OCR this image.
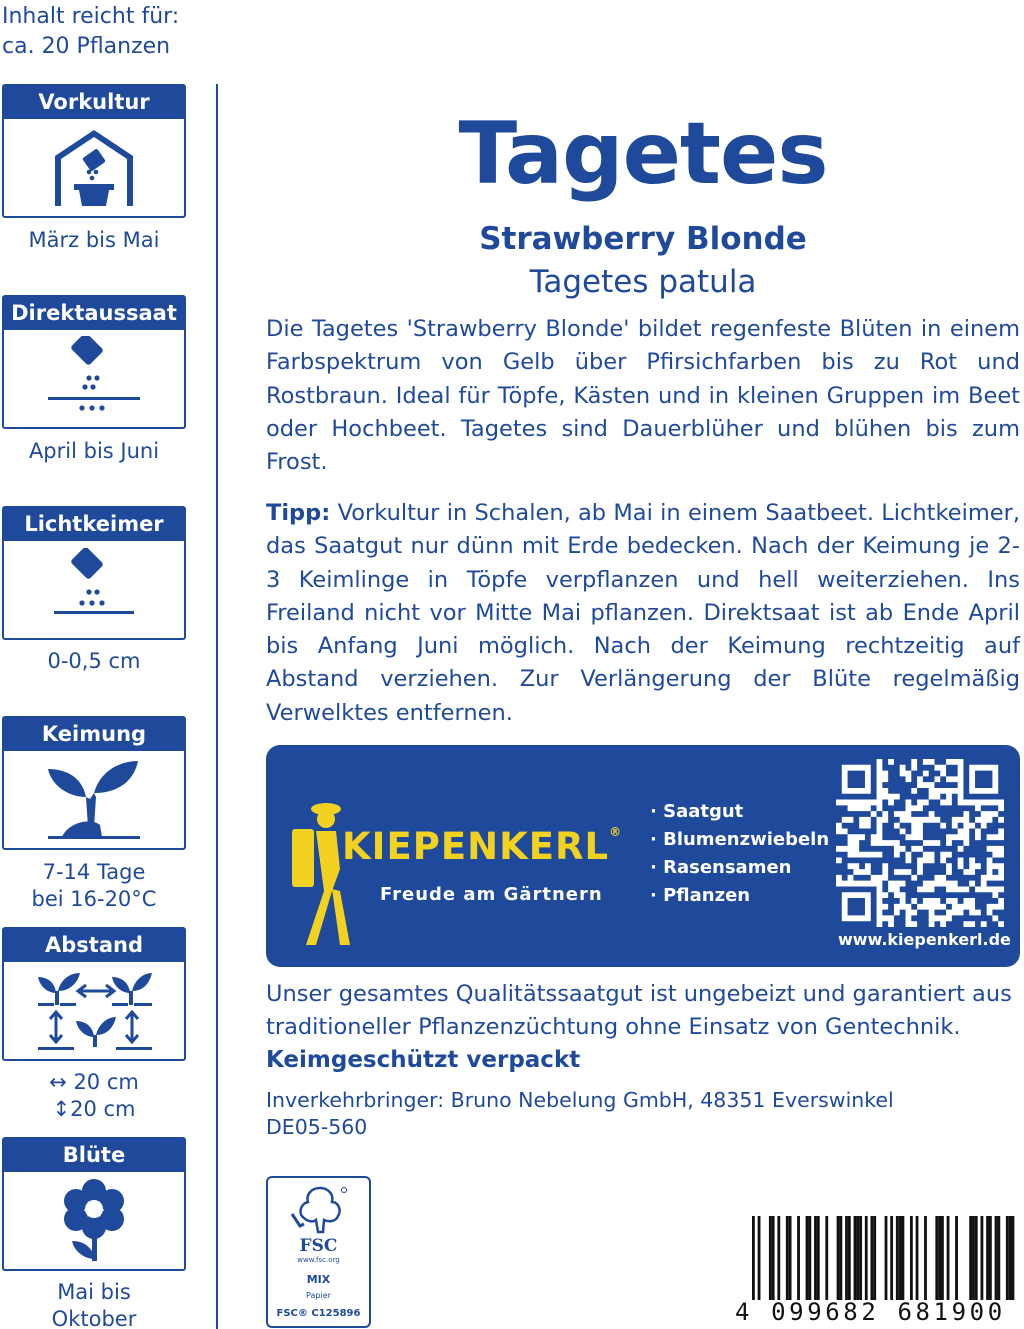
Inhalt reicht für:
ca. 20 Pflanzen
Vorkultur
März bis Mai
Direktaussaat
April bis Juni
Lichtkeimer
0-0,5 cm
Keimung
7-14 Tage
bei 16-20°C
Abstand
↔ 20 cm
↕20 cm
Blüte
Mai bis
Oktober
Tagetes
Strawberry Blonde
Tagetes patula
Die Tagetes 'Strawberry Blonde' bildet regenfeste Blüten in einem Farbspektrum von Gelb über Pfirsichfarben bis zu Rot und Rostbraun. Ideal für Töpfe, Kästen und in kleinen Gruppen im Beet oder Hochbeet. Tagetes sind Dauerblüher und blühen bis zum Frost.
Tipp: Vorkultur in Schalen, ab Mai in einem Saatbeet. Lichtkeimer, das Saatgut nur dünn mit Erde bedecken. Nach der Keimung je 2-3 Keimlinge in Töpfe verpflanzen und hell weiterziehen. Ins Freiland nicht vor Mitte Mai pflanzen. Direktsaat ist ab Ende April bis Anfang Juni möglich. Nach der Keimung rechtzeitig auf Abstand verziehen. Zur Verlängerung der Blüte regelmäßig Verwelktes entfernen.
KIEPENKERL®
Freude am Gärtnern
· Saatgut
· Blumenzwiebeln
· Rasensamen
· Pflanzen
www.kiepenkerl.de
Unser gesamtes Qualitätssaatgut ist ungebeizt und garantiert aus traditioneller Pflanzenzüchtung ohne Einsatz von Gentechnik.
Keimgeschützt verpackt
Inverkehrbringer: Bruno Nebelung GmbH, 48351 Everswinkel
DE05-560
FSC
www.fsc.org
MIX
Papier
FSC® C125896	4 099682 681900
